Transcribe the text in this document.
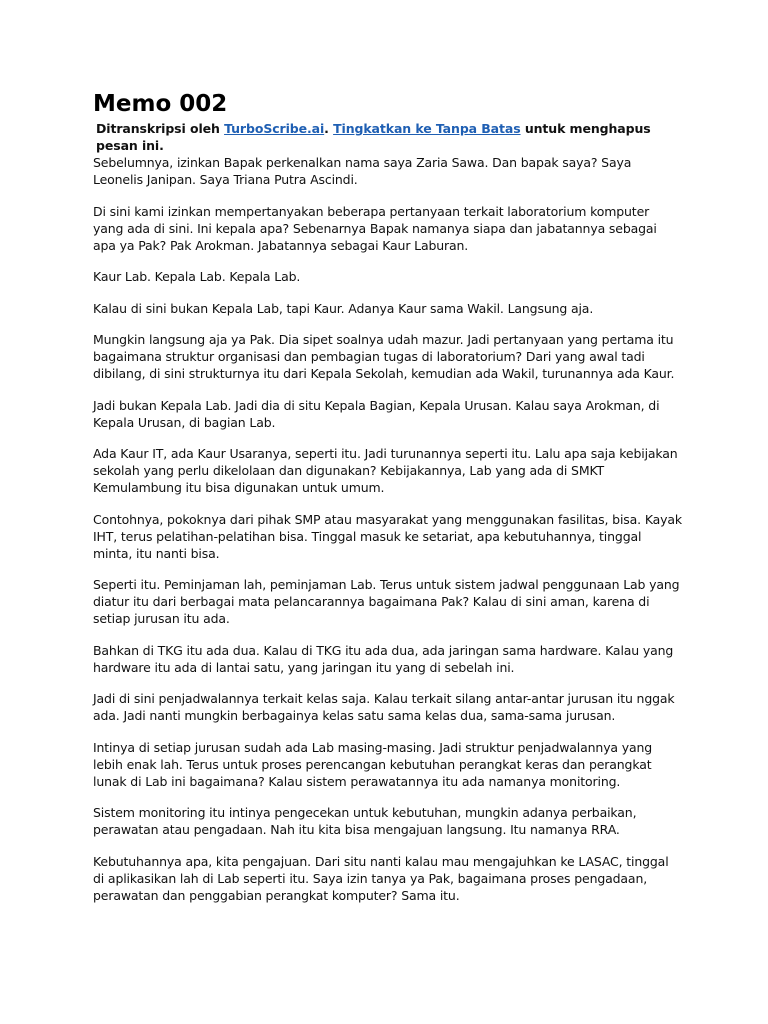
Memo 002
Ditranskripsi oleh TurboScribe.ai. Tingkatkan ke Tanpa Batas untuk menghapus pesan ini.

Sebelumnya, izinkan Bapak perkenalkan nama saya Zaria Sawa. Dan bapak saya? Saya Leonelis Janipan. Saya Triana Putra Ascindi.

Di sini kami izinkan mempertanyakan beberapa pertanyaan terkait laboratorium komputer yang ada di sini. Ini kepala apa? Sebenarnya Bapak namanya siapa dan jabatannya sebagai apa ya Pak? Pak Arokman. Jabatannya sebagai Kaur Laburan.

Kaur Lab. Kepala Lab. Kepala Lab.

Kalau di sini bukan Kepala Lab, tapi Kaur. Adanya Kaur sama Wakil. Langsung aja.

Mungkin langsung aja ya Pak. Dia sipet soalnya udah mazur. Jadi pertanyaan yang pertama itu bagaimana struktur organisasi dan pembagian tugas di laboratorium? Dari yang awal tadi dibilang, di sini strukturnya itu dari Kepala Sekolah, kemudian ada Wakil, turunannya ada Kaur.

Jadi bukan Kepala Lab. Jadi dia di situ Kepala Bagian, Kepala Urusan. Kalau saya Arokman, di Kepala Urusan, di bagian Lab.

Ada Kaur IT, ada Kaur Usaranya, seperti itu. Jadi turunannya seperti itu. Lalu apa saja kebijakan sekolah yang perlu dikelolaan dan digunakan? Kebijakannya, Lab yang ada di SMKT Kemulambung itu bisa digunakan untuk umum.

Contohnya, pokoknya dari pihak SMP atau masyarakat yang menggunakan fasilitas, bisa. Kayak IHT, terus pelatihan-pelatihan bisa. Tinggal masuk ke setariat, apa kebutuhannya, tinggal minta, itu nanti bisa.

Seperti itu. Peminjaman lah, peminjaman Lab. Terus untuk sistem jadwal penggunaan Lab yang diatur itu dari berbagai mata pelancarannya bagaimana Pak? Kalau di sini aman, karena di setiap jurusan itu ada.

Bahkan di TKG itu ada dua. Kalau di TKG itu ada dua, ada jaringan sama hardware. Kalau yang hardware itu ada di lantai satu, yang jaringan itu yang di sebelah ini.

Jadi di sini penjadwalannya terkait kelas saja. Kalau terkait silang antar-antar jurusan itu nggak ada. Jadi nanti mungkin berbagainya kelas satu sama kelas dua, sama-sama jurusan.

Intinya di setiap jurusan sudah ada Lab masing-masing. Jadi struktur penjadwalannya yang lebih enak lah. Terus untuk proses perencangan kebutuhan perangkat keras dan perangkat lunak di Lab ini bagaimana? Kalau sistem perawatannya itu ada namanya monitoring.

Sistem monitoring itu intinya pengecekan untuk kebutuhan, mungkin adanya perbaikan, perawatan atau pengadaan. Nah itu kita bisa mengajuan langsung. Itu namanya RRA.

Kebutuhannya apa, kita pengajuan. Dari situ nanti kalau mau mengajuhkan ke LASAC, tinggal di aplikasikan lah di Lab seperti itu. Saya izin tanya ya Pak, bagaimana proses pengadaan, perawatan dan penggabian perangkat komputer? Sama itu.
